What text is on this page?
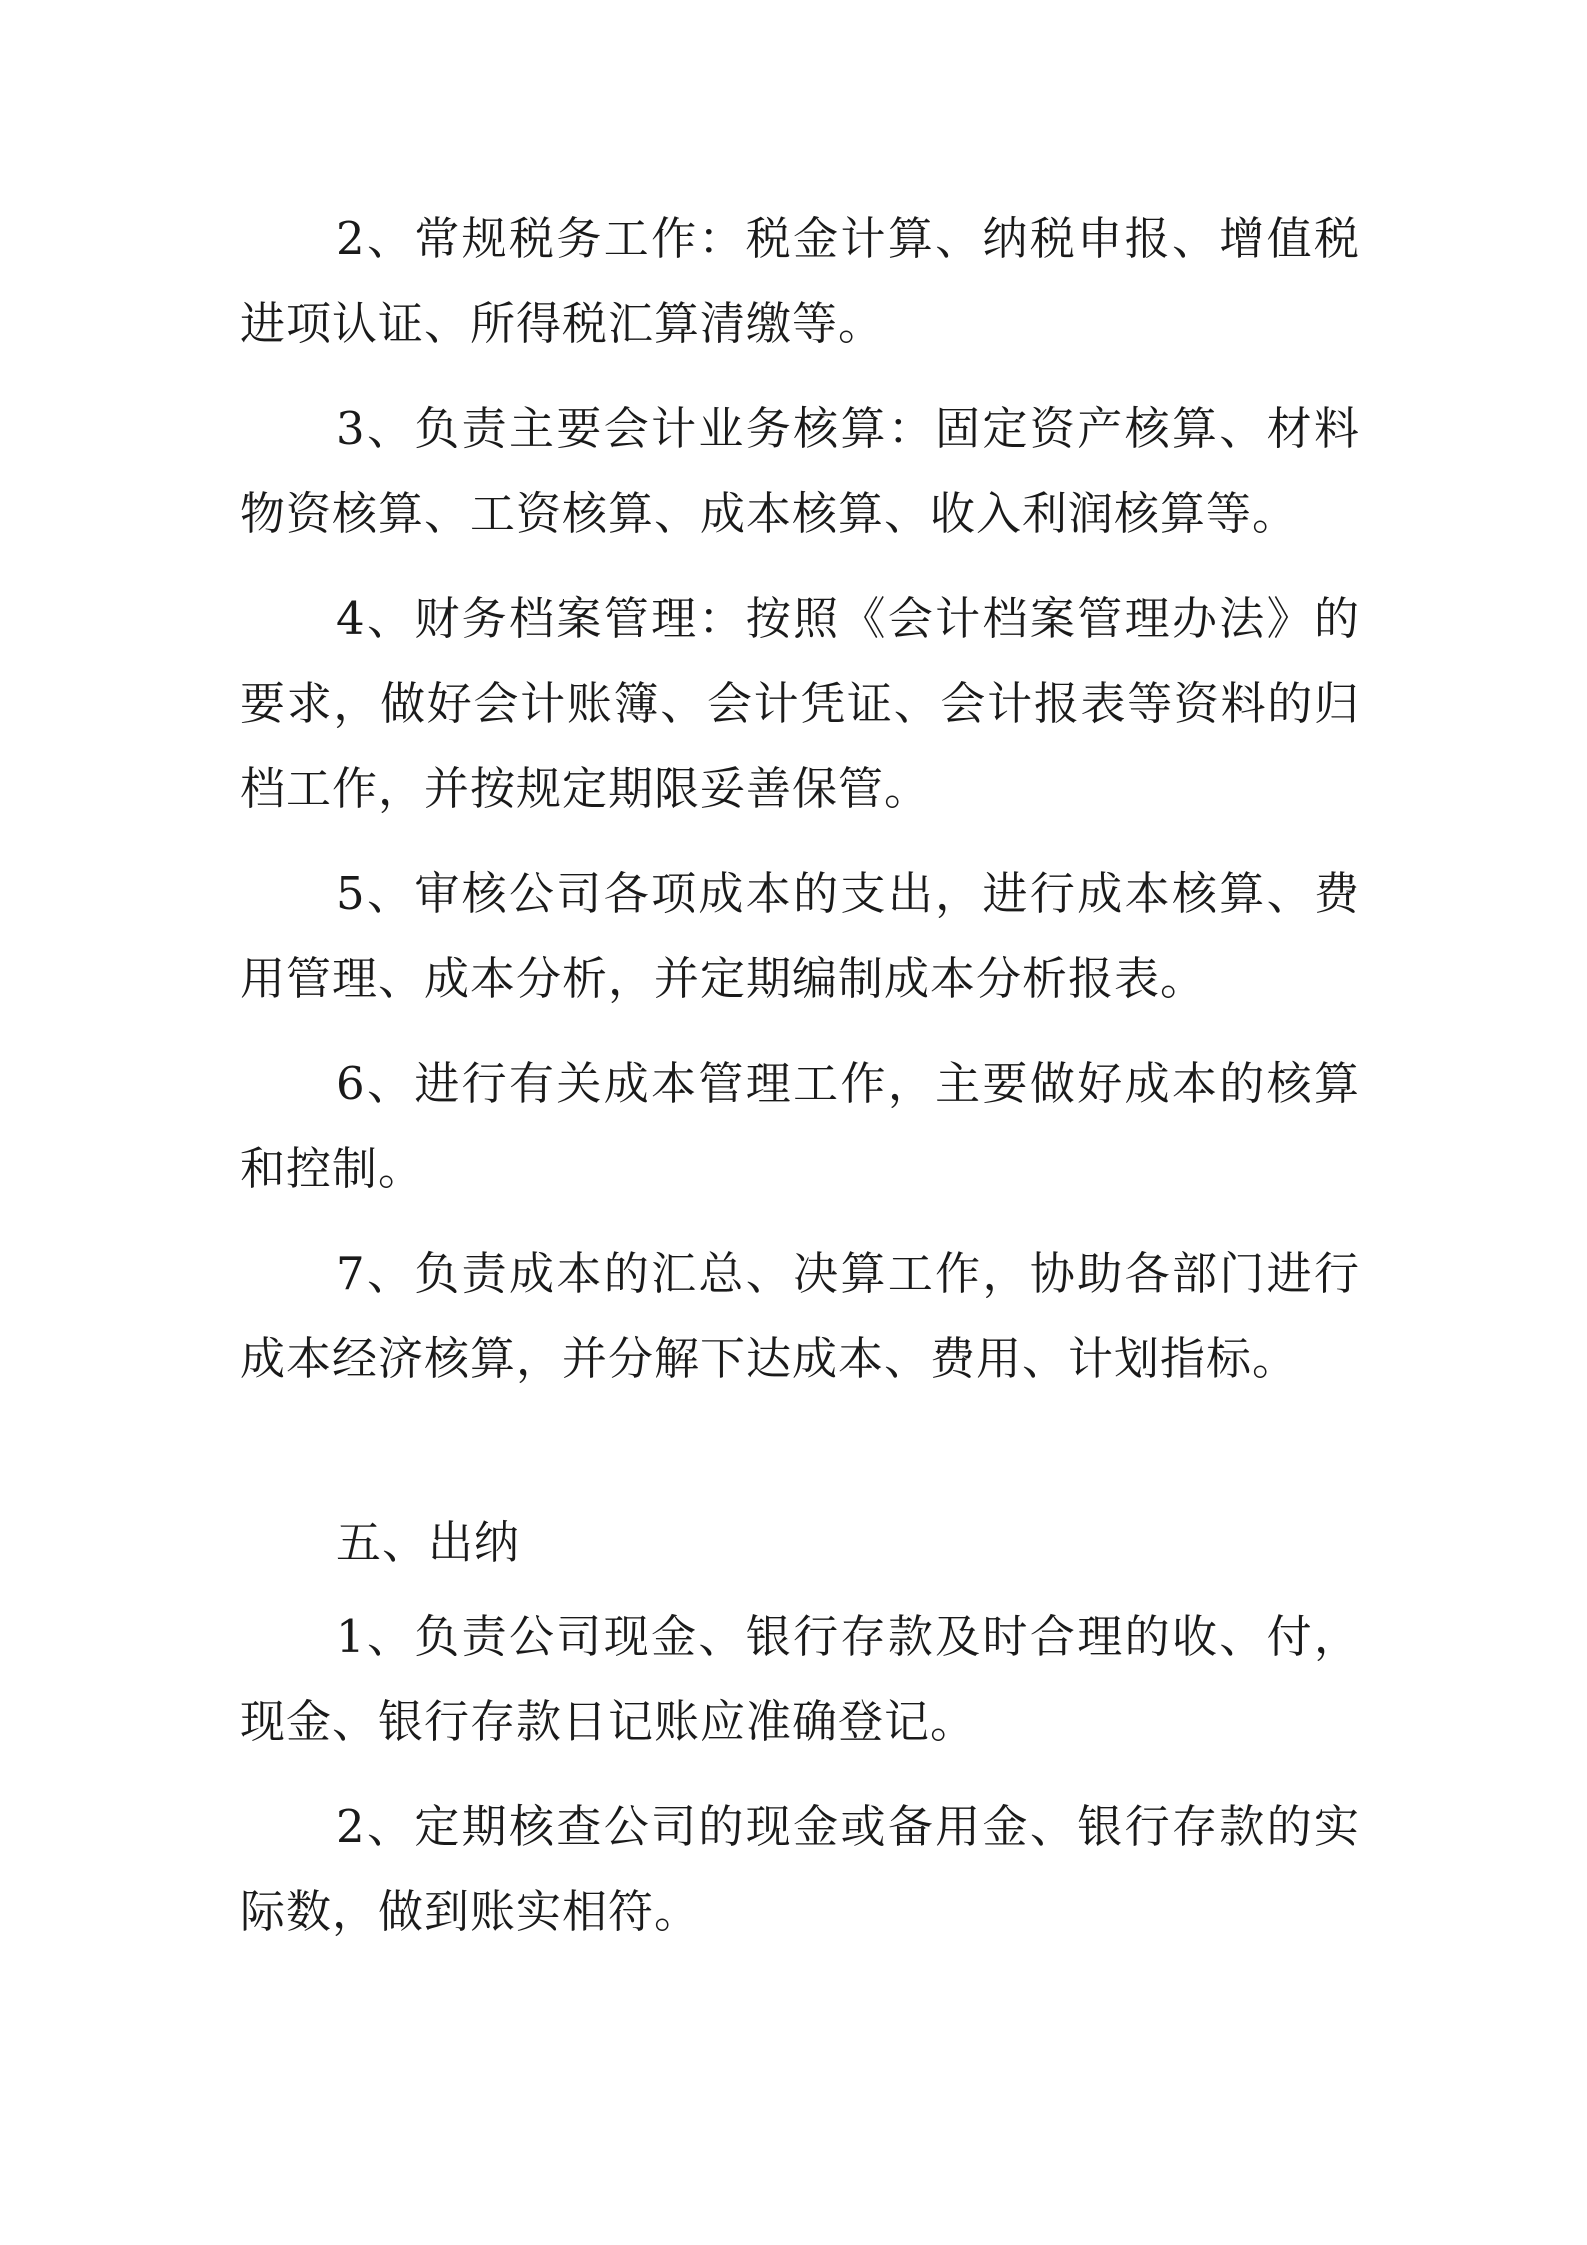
2、常规税务工作：税金计算、纳税申报、增值税进项认证、所得税汇算清缴等。

3、负责主要会计业务核算：固定资产核算、材料物资核算、工资核算、成本核算、收入利润核算等。

4、财务档案管理：按照《会计档案管理办法》的要求，做好会计账簿、会计凭证、会计报表等资料的归档工作，并按规定期限妥善保管。

5、审核公司各项成本的支出，进行成本核算、费用管理、成本分析，并定期编制成本分析报表。

6、进行有关成本管理工作，主要做好成本的核算和控制。

7、负责成本的汇总、决算工作，协助各部门进行成本经济核算，并分解下达成本、费用、计划指标。

五、出纳

1、负责公司现金、银行存款及时合理的收、付，现金、银行存款日记账应准确登记。

2、定期核查公司的现金或备用金、银行存款的实际数，做到账实相符。
